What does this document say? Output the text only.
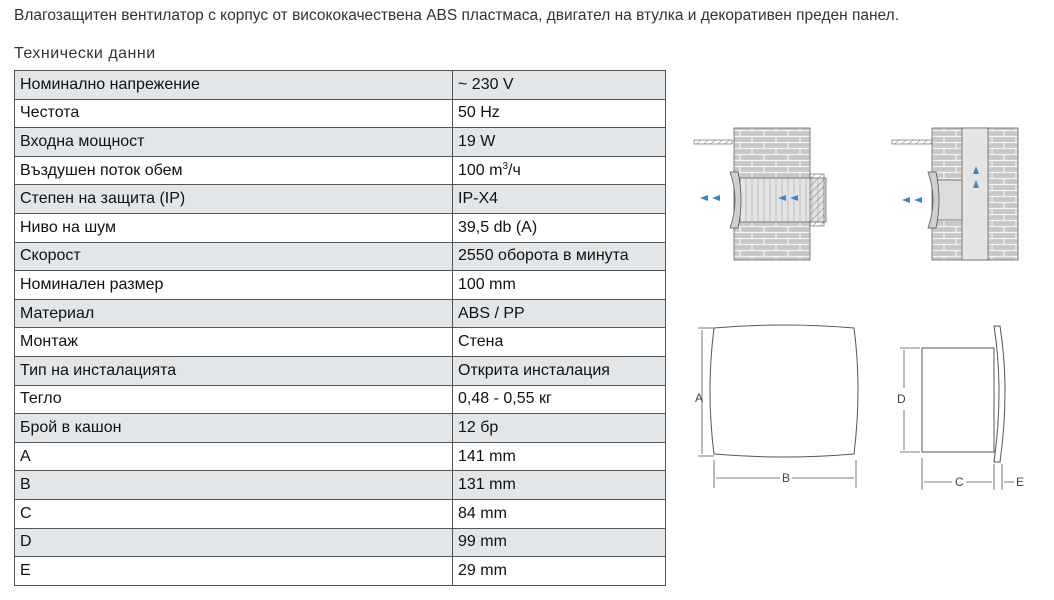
Влагозащитен вентилатор с корпус от висококачествена ABS пластмаса, двигател на втулка и декоративен преден панел.
Технически данни
Номинално напрежение	~ 230 V
Честота	50 Hz
Входна мощност	19 W
Въздушен поток обем	100 $m^3/ч$
Степен на защита (IP)	IP-X4
Ниво на шум	39,5 db (A)
Скорост	2550 оборота в минута
Номинален размер	100 mm
Материал	ABS / PP
Монтаж	Стена
Тип на инсталацията	Открита инсталация
Тегло	0,48 - 0,55 кг
Брой в кашон	12 бр
A	141 mm
B	131 mm
C	84 mm
D	99 mm
E	29 mm
A
B
D
C	E
